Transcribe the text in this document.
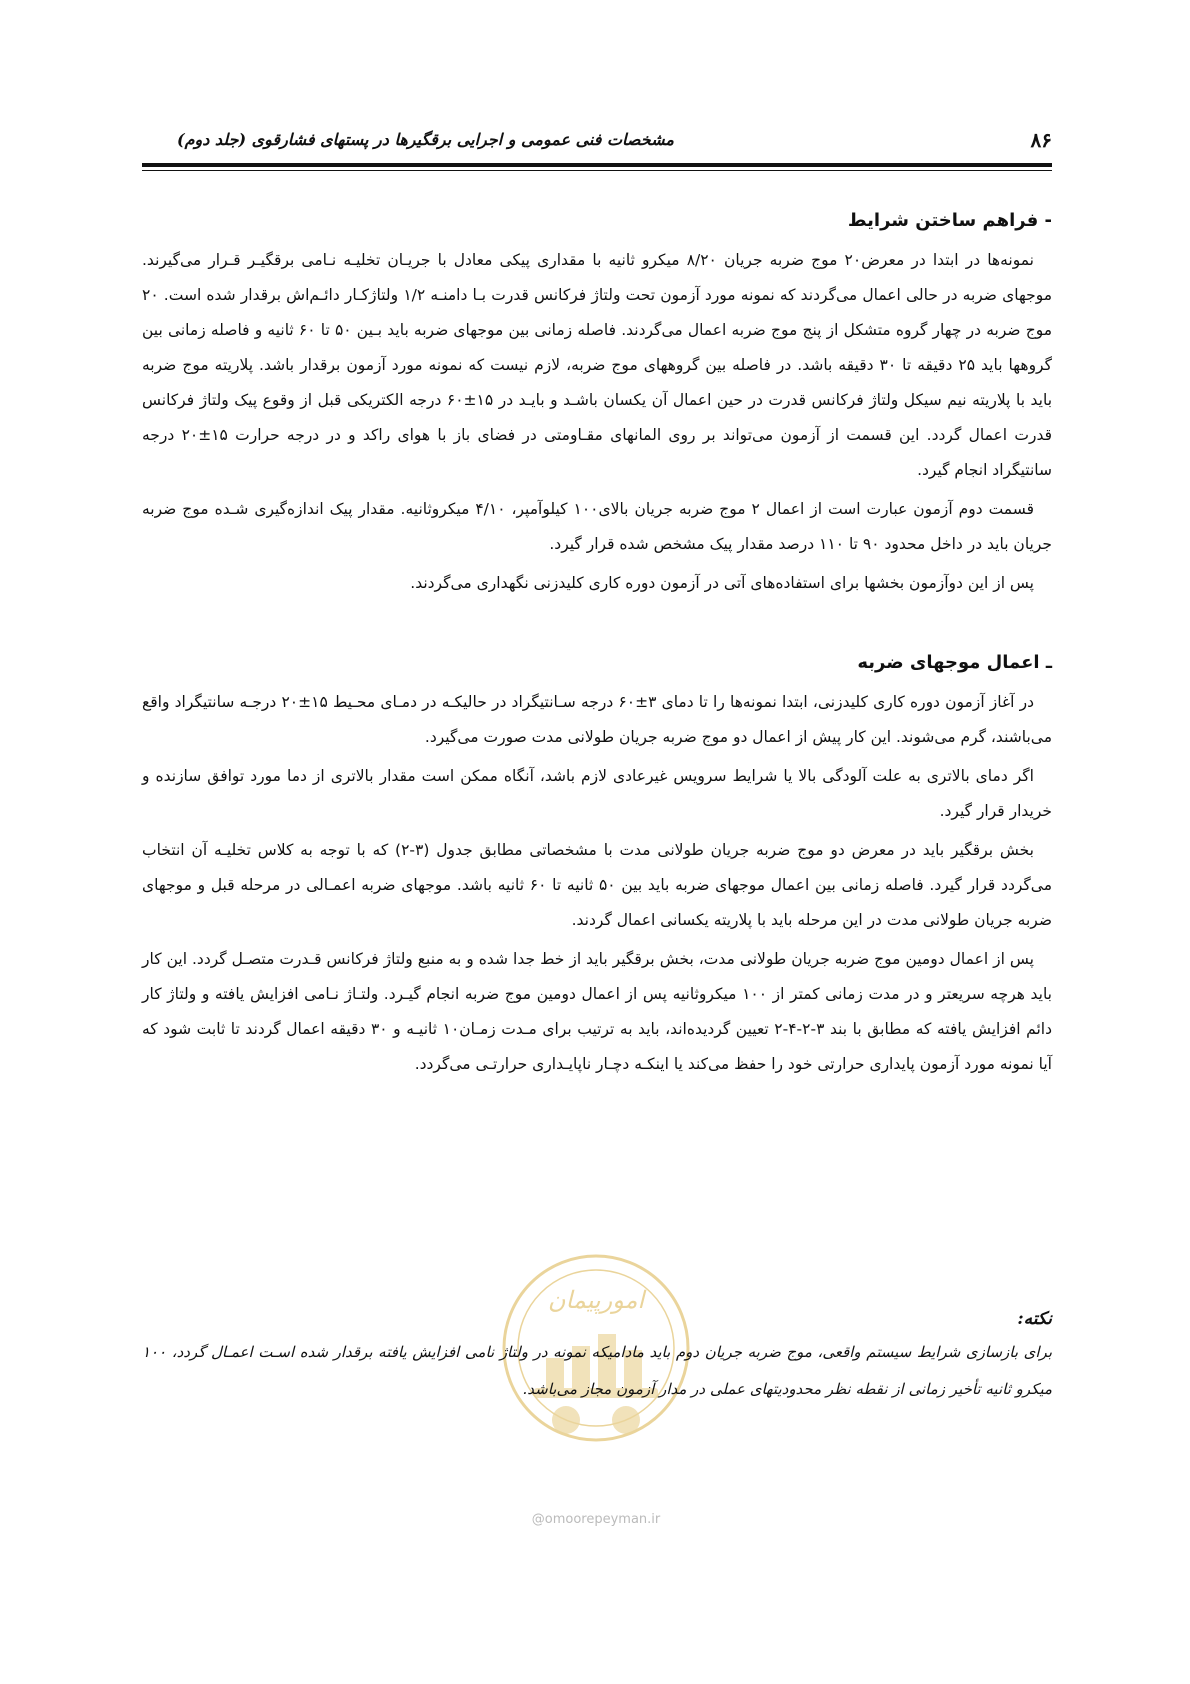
۸۶
مشخصات فنی عمومی و اجرایی برقگیرها در پستهای فشارقوی (جلد دوم)
- فراهم ساختن شرایط

نمونه‌ها در ابتدا در معرض۲۰ موج ضربه جریان ۸/۲۰ میکرو ثانیه با مقداری پیکی معادل با جریـان تخلیـه نـامی برقگیـر قـرار می‌گیرند. موجهای ضربه در حالی اعمال می‌گردند که نمونه مورد آزمون تحت ولتاژ فرکانس قدرت بـا دامنـه ۱/۲ ولتاژکـار دائـم‌اش برقدار شده است. ۲۰ موج ضربه در چهار گروه متشکل از پنج موج ضربه اعمال می‌گردند. فاصله زمانی بین موجهای ضربه باید بـین ۵۰ تا ۶۰ ثانیه و فاصله زمانی بین گروهها باید ۲۵ دقیقه تا ۳۰ دقیقه باشد. در فاصله بین گروههای موج ضربه، لازم نیست که نمونه مورد آزمون برقدار باشد. پلاریته موج ضربه باید با پلاریته نیم سیکل ولتاژ فرکانس قدرت در حین اعمال آن یکسان باشـد و بایـد در ۱۵±۶۰ درجه الکتریکی قبل از وقوع پیک ولتاژ فرکانس قدرت اعمال گردد. این قسمت از آزمون می‌تواند بر روی المانهای مقـاومتی در فضای باز با هوای راکد و در درجه حرارت ۱۵±۲۰ درجه سانتیگراد انجام گیرد.

قسمت دوم آزمون عبارت است از اعمال ۲ موج ضربه جریان بالای۱۰۰ کیلوآمپر، ۴/۱۰ میکروثانیه. مقدار پیک اندازه‌گیری شـده موج ضربه جریان باید در داخل محدود ۹۰ تا ۱۱۰ درصد مقدار پیک مشخص شده قرار گیرد.

پس از این دوآزمون بخشها برای استفاده‌های آتی در آزمون دوره کاری کلیدزنی نگهداری می‌گردند.

ـ اعمال موجهای ضربه

در آغاز آزمون دوره کاری کلیدزنی، ابتدا نمونه‌ها را تا دمای ۳±۶۰ درجه سـانتیگراد در حالیکـه در دمـای محـیط ۱۵±۲۰ درجـه سانتیگراد واقع می‌باشند، گرم می‌شوند. این کار پیش از اعمال دو موج ضربه جریان طولانی مدت صورت می‌گیرد.

اگر دمای بالاتری به علت آلودگی بالا یا شرایط سرویس غیرعادی لازم باشد، آنگاه ممکن است مقدار بالاتری از دما مورد توافق سازنده و خریدار قرار گیرد.

بخش برقگیر باید در معرض دو موج ضربه جریان طولانی مدت با مشخصاتی مطابق جدول (۳-۲) که با توجه به کلاس تخلیـه آن انتخاب می‌گردد قرار گیرد. فاصله زمانی بین اعمال موجهای ضربه باید بین ۵۰ ثانیه تا ۶۰ ثانیه باشد. موجهای ضربه اعمـالی در مرحله قبل و موجهای ضربه جریان طولانی مدت در این مرحله باید با پلاریته یکسانی اعمال گردند.

پس از اعمال دومین موج ضربه جریان طولانی مدت، بخش برقگیر باید از خط جدا شده و به منبع ولتاژ فرکانس قـدرت متصـل گردد. این کار باید هرچه سریعتر و در مدت زمانی کمتر از ۱۰۰ میکروثانیه پس از اعمال دومین موج ضربه انجام گیـرد. ولتـاژ نـامی افزایش یافته و ولتاژ کار دائم افزایش یافته که مطابق با بند ۳-۲-۴-۲ تعیین گردیده‌اند، باید به ترتیب برای مـدت زمـان۱۰ ثانیـه و ۳۰ دقیقه اعمال گردند تا ثابت شود که آیا نمونه مورد آزمون پایداری حرارتی خود را حفظ می‌کند یا اینکـه دچـار ناپایـداری حرارتـی می‌گردد.

امورپیمان

نکته:

برای بازسازی شرایط سیستم واقعی، موج ضربه جریان دوم باید مادامیکه نمونه در ولتاژ نامی افزایش یافته برقدار شده اسـت اعمـال گردد، ۱۰۰ میکرو ثانیه تأخیر زمانی از نقطه نظر محدودیتهای عملی در مدار آزمون مجاز می‌باشد.

@omoorepeyman.ir
